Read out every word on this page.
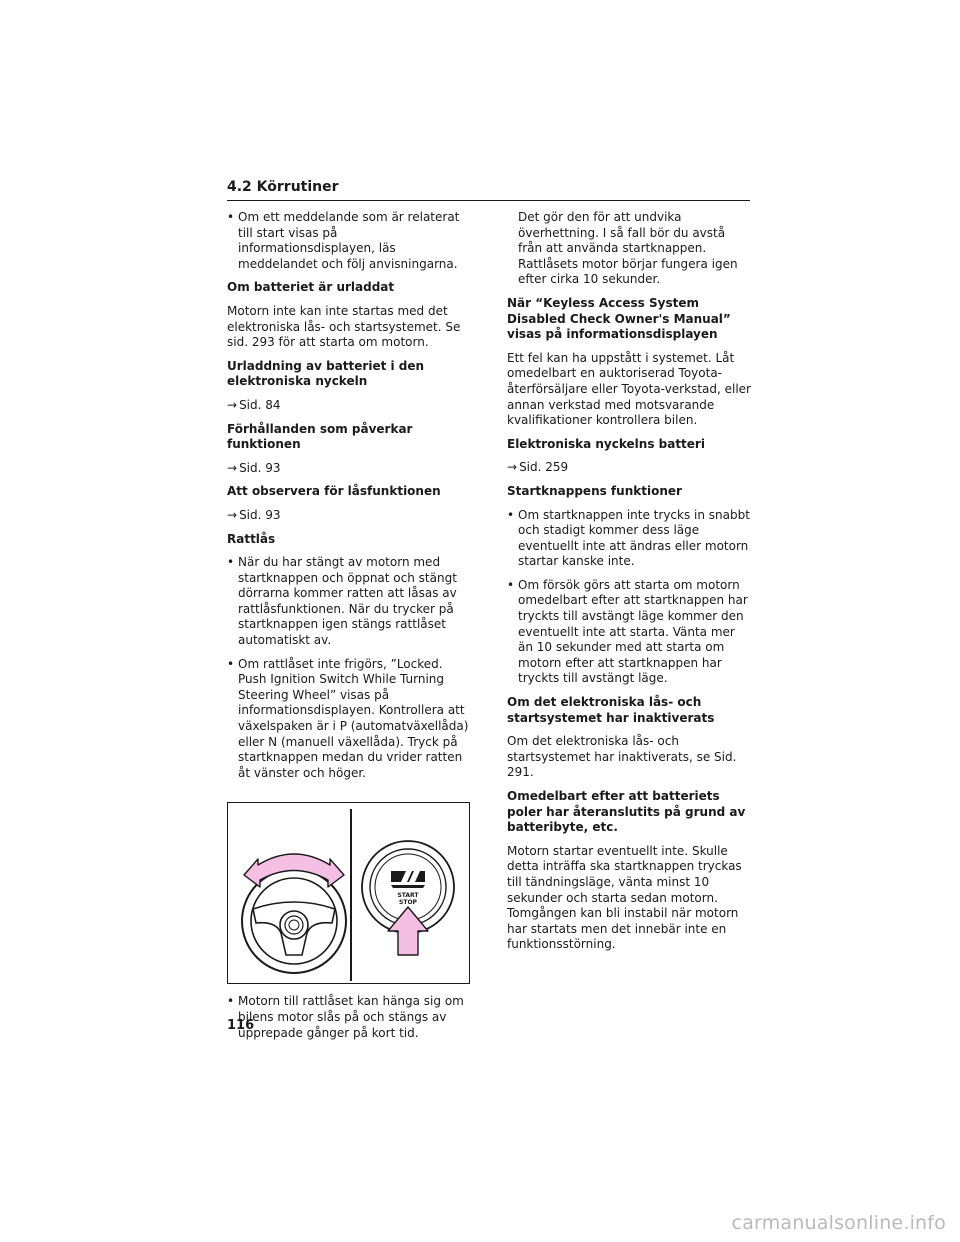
4.2 Körrutiner
• Om ett meddelande som är relaterat till start visas på informationsdisplayen, läs meddelandet och följ anvisningarna.
Om batteriet är urladdat
Motorn inte kan inte startas med det elektroniska lås- och startsystemet. Se sid. 293 för att starta om motorn.
Urladdning av batteriet i den elektroniska nyckeln
→ Sid. 84
Förhållanden som påverkar funktionen
→ Sid. 93
Att observera för låsfunktionen
→ Sid. 93
Rattlås
• När du har stängt av motorn med startknappen och öppnat och stängt dörrarna kommer ratten att låsas av rattlåsfunktionen. När du trycker på startknappen igen stängs rattlåset automatiskt av.
• Om rattlåset inte frigörs, ”Locked. Push Ignition Switch While Turning Steering Wheel” visas på informationsdisplayen. Kontrollera att växelspaken är i P (automatväxellåda) eller N (manuell växellåda). Tryck på startknappen medan du vrider ratten åt vänster och höger.
START
STOP
• Motorn till rattlåset kan hänga sig om bilens motor slås på och stängs av upprepade gånger på kort tid.
Det gör den för att undvika överhettning. I så fall bör du avstå från att använda startknappen. Rattlåsets motor börjar fungera igen efter cirka 10 sekunder.
När “Keyless Access System Disabled Check Owner's Manual” visas på informationsdisplayen
Ett fel kan ha uppstått i systemet. Låt omedelbart en auktoriserad Toyota-återförsäljare eller Toyota-verkstad, eller annan verkstad med motsvarande kvalifikationer kontrollera bilen.
Elektroniska nyckelns batteri
→ Sid. 259
Startknappens funktioner
• Om startknappen inte trycks in snabbt och stadigt kommer dess läge eventuellt inte att ändras eller motorn startar kanske inte.
• Om försök görs att starta om motorn omedelbart efter att startknappen har tryckts till avstängt läge kommer den eventuellt inte att starta. Vänta mer än 10 sekunder med att starta om motorn efter att startknappen har tryckts till avstängt läge.
Om det elektroniska lås- och startsystemet har inaktiverats
Om det elektroniska lås- och startsystemet har inaktiverats, se Sid. 291.
Omedelbart efter att batteriets poler har återanslutits på grund av batteribyte, etc.
Motorn startar eventuellt inte. Skulle detta inträffa ska startknappen tryckas till tändningsläge, vänta minst 10 sekunder och starta sedan motorn. Tomgången kan bli instabil när motorn har startats men det innebär inte en funktionsstörning.
116
carmanualsonline.info
